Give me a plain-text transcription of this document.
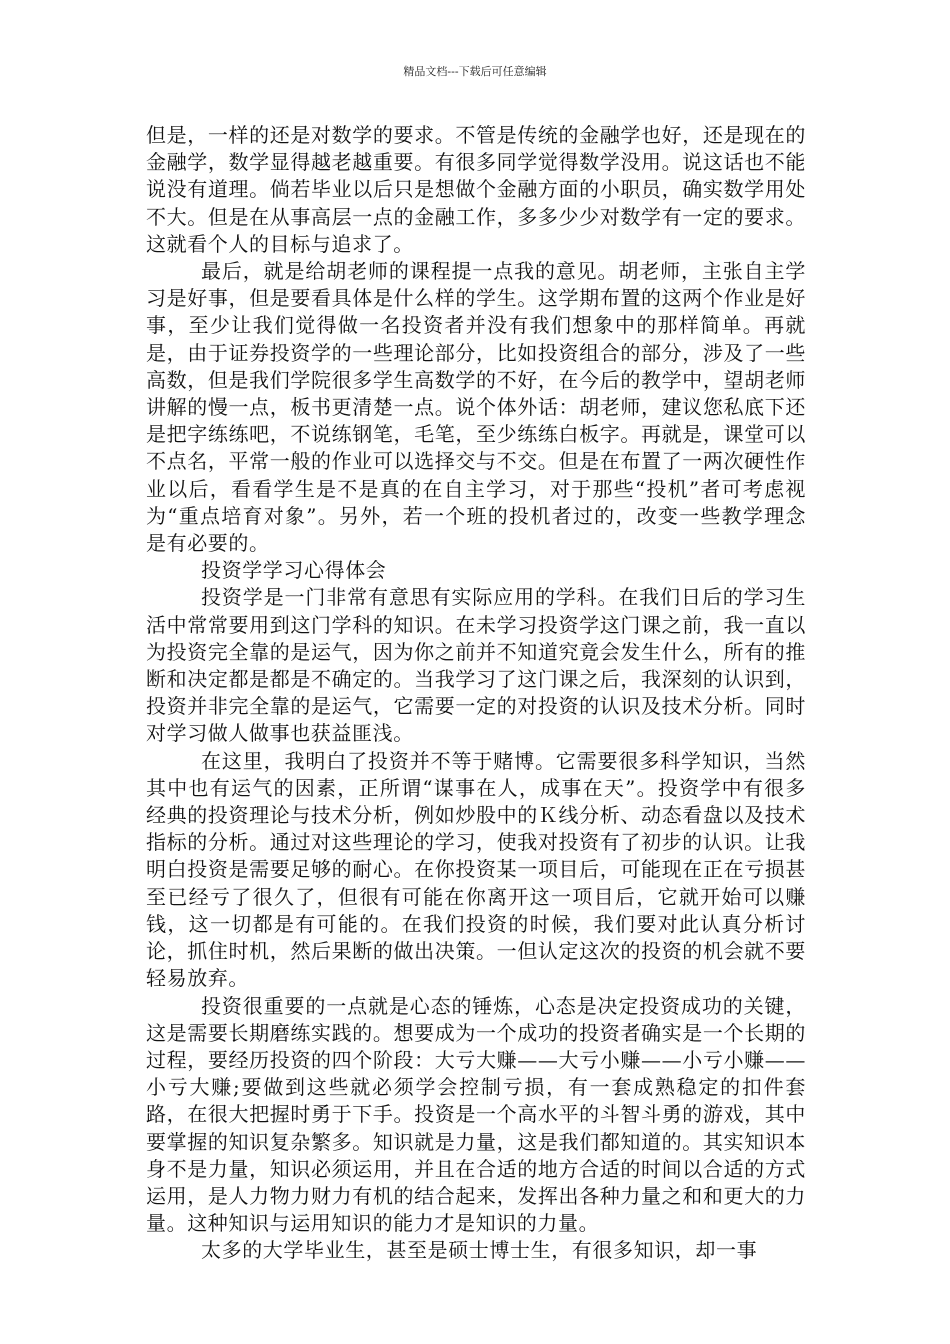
精品文档---下载后可任意编辑

但是，一样的还是对数学的要求。不管是传统的金融学也好，还是现在的金融学，数学显得越老越重要。有很多同学觉得数学没用。说这话也不能说没有道理。倘若毕业以后只是想做个金融方面的小职员，确实数学用处不大。但是在从事高层一点的金融工作，多多少少对数学有一定的要求。这就看个人的目标与追求了。

最后，就是给胡老师的课程提一点我的意见。胡老师，主张自主学习是好事，但是要看具体是什么样的学生。这学期布置的这两个作业是好事，至少让我们觉得做一名投资者并没有我们想象中的那样简单。再就是，由于证券投资学的一些理论部分，比如投资组合的部分，涉及了一些高数，但是我们学院很多学生高数学的不好，在今后的教学中，望胡老师讲解的慢一点，板书更清楚一点。说个体外话：胡老师，建议您私底下还是把字练练吧，不说练钢笔，毛笔，至少练练白板字。再就是，课堂可以不点名，平常一般的作业可以选择交与不交。但是在布置了一两次硬性作业以后，看看学生是不是真的在自主学习，对于那些“投机”者可考虑视为“重点培育对象”。另外，若一个班的投机者过的，改变一些教学理念是有必要的。

投资学学习心得体会

投资学是一门非常有意思有实际应用的学科。在我们日后的学习生活中常常要用到这门学科的知识。在未学习投资学这门课之前，我一直以为投资完全靠的是运气，因为你之前并不知道究竟会发生什么，所有的推断和决定都是都是不确定的。当我学习了这门课之后，我深刻的认识到，投资并非完全靠的是运气，它需要一定的对投资的认识及技术分析。同时对学习做人做事也获益匪浅。

在这里，我明白了投资并不等于赌博。它需要很多科学知识，当然其中也有运气的因素，正所谓“谋事在人，成事在天”。投资学中有很多经典的投资理论与技术分析，例如炒股中的Ｋ线分析、动态看盘以及技术指标的分析。通过对这些理论的学习，使我对投资有了初步的认识。让我明白投资是需要足够的耐心。在你投资某一项目后，可能现在正在亏损甚至已经亏了很久了，但很有可能在你离开这一项目后，它就开始可以赚钱，这一切都是有可能的。在我们投资的时候，我们要对此认真分析讨论，抓住时机，然后果断的做出决策。一但认定这次的投资的机会就不要轻易放弃。

投资很重要的一点就是心态的锤炼，心态是决定投资成功的关键，这是需要长期磨练实践的。想要成为一个成功的投资者确实是一个长期的过程，要经历投资的四个阶段：大亏大赚——大亏小赚——小亏小赚——小亏大赚;要做到这些就必须学会控制亏损，有一套成熟稳定的扣件套路，在很大把握时勇于下手。投资是一个高水平的斗智斗勇的游戏，其中要掌握的知识复杂繁多。知识就是力量，这是我们都知道的。其实知识本身不是力量，知识必须运用，并且在合适的地方合适的时间以合适的方式运用，是人力物力财力有机的结合起来，发挥出各种力量之和和更大的力量。这种知识与运用知识的能力才是知识的力量。

太多的大学毕业生，甚至是硕士博士生，有很多知识，却一事
